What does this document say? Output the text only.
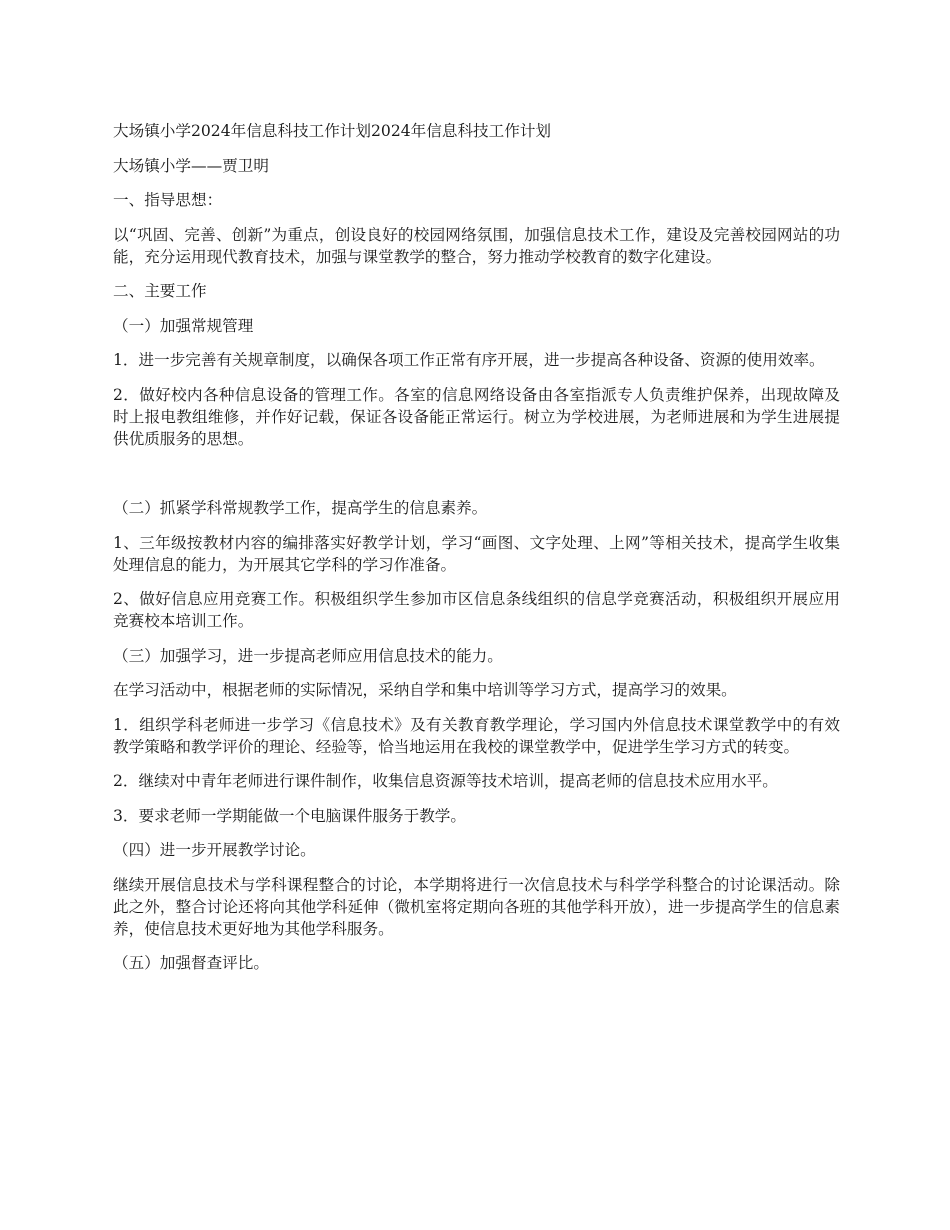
大场镇小学2024年信息科技工作计划2024年信息科技工作计划

大场镇小学——贾卫明

一、指导思想：

以“巩固、完善、创新”为重点，创设良好的校园网络氛围，加强信息技术工作，建设及完善校园网站的功能，充分运用现代教育技术，加强与课堂教学的整合，努力推动学校教育的数字化建设。

二、主要工作

（一）加强常规管理

1．进一步完善有关规章制度，以确保各项工作正常有序开展，进一步提高各种设备、资源的使用效率。

2．做好校内各种信息设备的管理工作。各室的信息网络设备由各室指派专人负责维护保养，出现故障及时上报电教组维修，并作好记载，保证各设备能正常运行。树立为学校进展，为老师进展和为学生进展提供优质服务的思想。

（二）抓紧学科常规教学工作，提高学生的信息素养。

1、三年级按教材内容的编排落实好教学计划，学习“画图、文字处理、上网”等相关技术，提高学生收集处理信息的能力，为开展其它学科的学习作准备。

2、做好信息应用竞赛工作。积极组织学生参加市区信息条线组织的信息学竞赛活动，积极组织开展应用竞赛校本培训工作。

（三）加强学习，进一步提高老师应用信息技术的能力。

在学习活动中，根据老师的实际情况，采纳自学和集中培训等学习方式，提高学习的效果。

1．组织学科老师进一步学习《信息技术》及有关教育教学理论，学习国内外信息技术课堂教学中的有效教学策略和教学评价的理论、经验等，恰当地运用在我校的课堂教学中，促进学生学习方式的转变。

2．继续对中青年老师进行课件制作，收集信息资源等技术培训，提高老师的信息技术应用水平。

3．要求老师一学期能做一个电脑课件服务于教学。

（四）进一步开展教学讨论。

继续开展信息技术与学科课程整合的讨论，本学期将进行一次信息技术与科学学科整合的讨论课活动。除此之外，整合讨论还将向其他学科延伸（微机室将定期向各班的其他学科开放），进一步提高学生的信息素养，使信息技术更好地为其他学科服务。

（五）加强督查评比。
